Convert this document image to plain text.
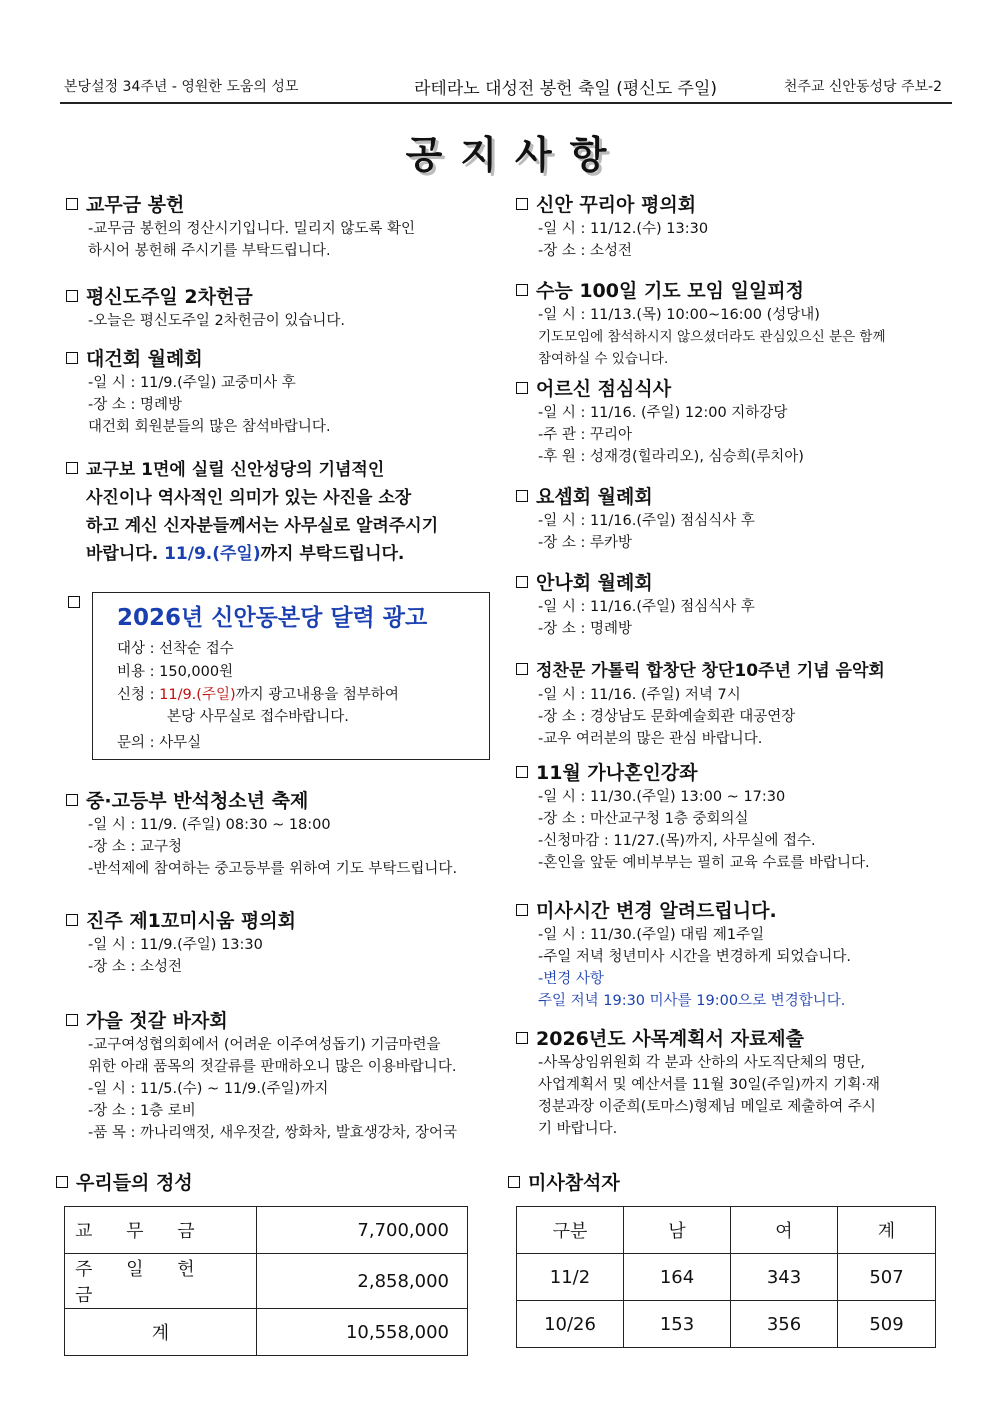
본당설정 34주년 - 영원한 도움의 성모	라테라노 대성전 봉헌 축일 (평신도 주일)	천주교 신안동성당 주보-2
공지사항
교무금 봉헌
-교무금 봉헌의 정산시기입니다. 밀리지 않도록 확인
하시어 봉헌해 주시기를 부탁드립니다.
평신도주일 2차헌금
-오늘은 평신도주일 2차헌금이 있습니다.
대건회 월례회
-일 시 : 11/9.(주일) 교중미사 후
-장 소 : 명례방
대건회 회원분들의 많은 참석바랍니다.
교구보 1면에 실릴 신안성당의 기념적인
사진이나 역사적인 의미가 있는 사진을 소장
하고 계신 신자분들께서는 사무실로 알려주시기
바랍니다. 11/9.(주일)까지 부탁드립니다.
2026년 신안동본당 달력 광고
대상 : 선착순 접수
비용 : 150,000원
신청 : 11/9.(주일)까지 광고내용을 첨부하여
본당 사무실로 접수바랍니다.
문의 : 사무실
중·고등부 반석청소년 축제
-일 시 : 11/9. (주일) 08:30 ~ 18:00
-장 소 : 교구청
-반석제에 참여하는 중고등부를 위하여 기도 부탁드립니다.
진주 제1꼬미시움 평의회
-일 시 : 11/9.(주일) 13:30
-장 소 : 소성전
가을 젓갈 바자회
-교구여성협의회에서 (어려운 이주여성돕기) 기금마련을
위한 아래 품목의 젓갈류를 판매하오니 많은 이용바랍니다.
-일 시 : 11/5.(수) ~ 11/9.(주일)까지
-장 소 : 1층 로비
-품 목 : 까나리액젓, 새우젓갈, 쌍화차, 발효생강차, 장어국
신안 꾸리아 평의회
-일 시 : 11/12.(수) 13:30
-장 소 : 소성전
수능 100일 기도 모임 일일피정
-일 시 : 11/13.(목) 10:00~16:00 (성당내)
기도모임에 참석하시지 않으셨더라도 관심있으신 분은 함께
참여하실 수 있습니다.
어르신 점심식사
-일 시 : 11/16. (주일) 12:00 지하강당
-주 관 : 꾸리아
-후 원 : 성재경(힐라리오), 심승희(루치아)
요셉회 월례회
-일 시 : 11/16.(주일) 점심식사 후
-장 소 : 루카방
안나회 월례회
-일 시 : 11/16.(주일) 점심식사 후
-장 소 : 명례방
정찬문 가톨릭 합창단 창단10주년 기념 음악회
-일 시 : 11/16. (주일) 저녁 7시
-장 소 : 경상남도 문화예술회관 대공연장
-교우 여러분의 많은 관심 바랍니다.
11월 가나혼인강좌
-일 시 : 11/30.(주일) 13:00 ~ 17:30
-장 소 : 마산교구청 1층 중회의실
-신청마감 : 11/27.(목)까지, 사무실에 접수.
-혼인을 앞둔 예비부부는 필히 교육 수료를 바랍니다.
미사시간 변경 알려드립니다.
-일 시 : 11/30.(주일) 대림 제1주일
-주일 저녁 청년미사 시간을 변경하게 되었습니다.
-변경 사항
주일 저녁 19:30 미사를 19:00으로 변경합니다.
2026년도 사목계획서 자료제출
-사목상임위원회 각 분과 산하의 사도직단체의 명단,
사업계획서 및 예산서를 11월 30일(주일)까지 기획·재
정분과장 이준희(토마스)형제님 메일로 제출하여 주시
기 바랍니다.
우리들의 정성
교 무 금	7,700,000
주 일 헌 금	2,858,000
계	10,558,000
미사참석자
구분	남	여	계
11/2	164	343	507
10/26	153	356	509
